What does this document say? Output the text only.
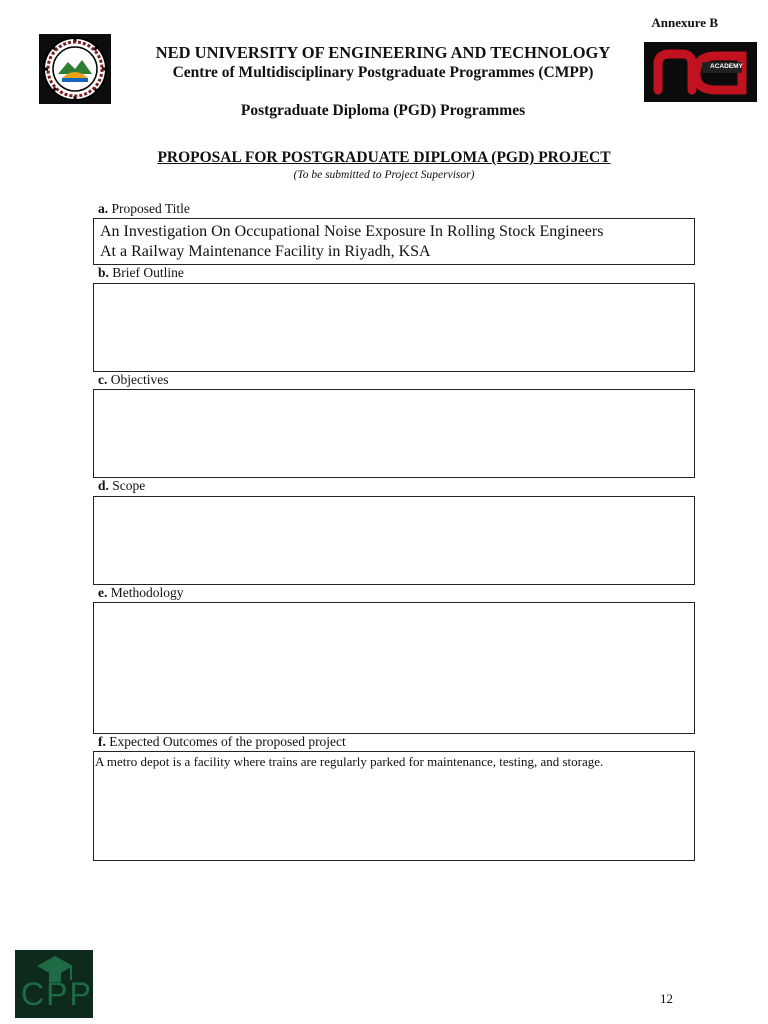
Annexure B
NED UNIVERSITY OF ENGINEERING AND TECHNOLOGY
Centre of Multidisciplinary Postgraduate Programmes (CMPP)	ACADEMY
Postgraduate Diploma (PGD) Programmes
PROPOSAL FOR POSTGRADUATE DIPLOMA (PGD) PROJECT
(To be submitted to Project Supervisor)
a. Proposed Title
An Investigation On Occupational Noise Exposure In Rolling Stock Engineers
At a Railway Maintenance Facility in Riyadh, KSA
b. Brief Outline
c. Objectives
d. Scope
e. Methodology
f. Expected Outcomes of the proposed project
A metro depot is a facility where trains are regularly parked for maintenance, testing, and storage.
CPP	12
